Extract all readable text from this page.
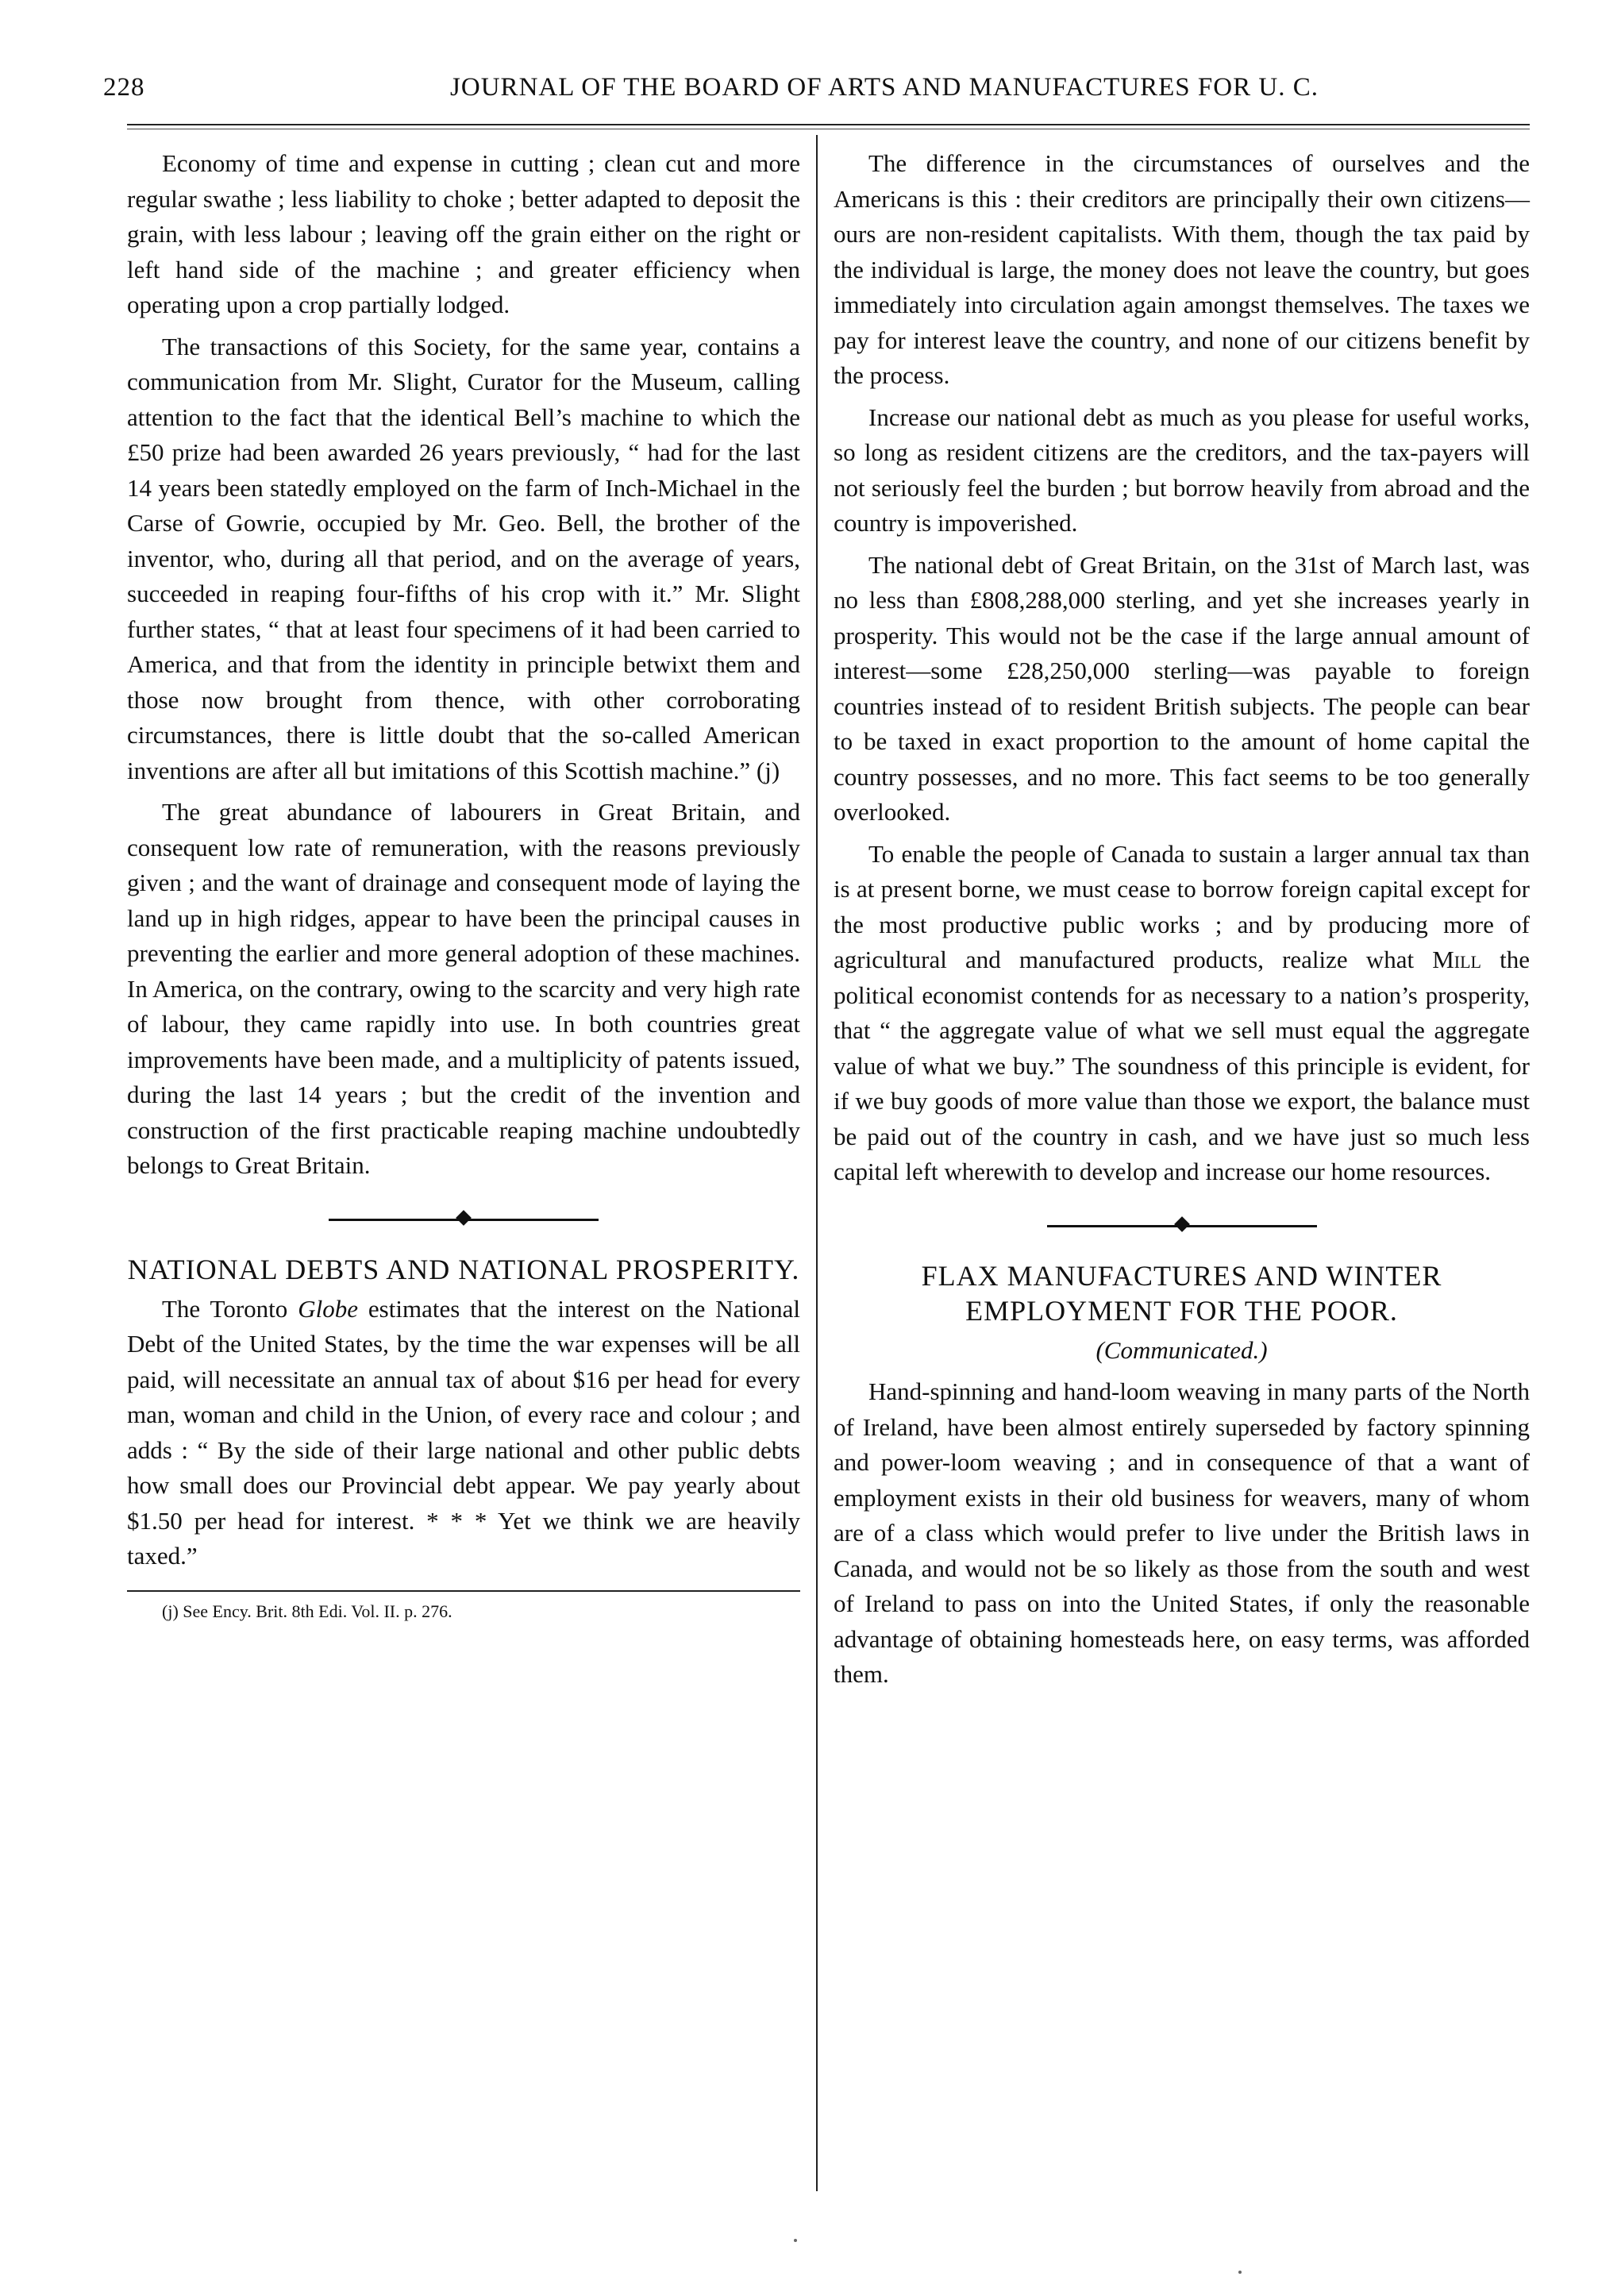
228	JOURNAL OF THE BOARD OF ARTS AND MANUFACTURES FOR U. C.

Economy of time and expense in cutting ; clean cut and more regular swathe ; less liability to choke ; better adapted to deposit the grain, with less labour ; leaving off the grain either on the right or left hand side of the machine ; and greater efficiency when operating upon a crop partially lodged.

The transactions of this Society, for the same year, contains a communication from Mr. Slight, Curator for the Museum, calling attention to the fact that the identical Bell’s machine to which the £50 prize had been awarded 26 years previously, “ had for the last 14 years been statedly employed on the farm of Inch-Michael in the Carse of Gowrie, occupied by Mr. Geo. Bell, the brother of the inventor, who, during all that period, and on the average of years, succeeded in reaping four-fifths of his crop with it.” Mr. Slight further states, “ that at least four specimens of it had been carried to America, and that from the identity in principle betwixt them and those now brought from thence, with other corroborating circumstances, there is little doubt that the so-called American inventions are after all but imitations of this Scottish machine.” (j)

The great abundance of labourers in Great Britain, and consequent low rate of remuneration, with the reasons previously given ; and the want of drainage and consequent mode of laying the land up in high ridges, appear to have been the principal causes in preventing the earlier and more general adoption of these machines. In America, on the contrary, owing to the scarcity and very high rate of labour, they came rapidly into use. In both countries great improvements have been made, and a multiplicity of patents issued, during the last 14 years ; but the credit of the invention and construction of the first practicable reaping machine undoubtedly belongs to Great Britain.

NATIONAL DEBTS AND NATIONAL PROSPERITY.

The Toronto Globe estimates that the interest on the National Debt of the United States, by the time the war expenses will be all paid, will necessitate an annual tax of about $16 per head for every man, woman and child in the Union, of every race and colour ; and adds : “ By the side of their large national and other public debts how small does our Provincial debt appear. We pay yearly about $1.50 per head for interest. * * * Yet we think we are heavily taxed.”

(j) See Ency. Brit. 8th Edi. Vol. II. p. 276.

The difference in the circumstances of ourselves and the Americans is this : their creditors are principally their own citizens—ours are non-resident capitalists. With them, though the tax paid by the individual is large, the money does not leave the country, but goes immediately into circulation again amongst themselves. The taxes we pay for interest leave the country, and none of our citizens benefit by the process.

Increase our national debt as much as you please for useful works, so long as resident citizens are the creditors, and the tax-payers will not seriously feel the burden ; but borrow heavily from abroad and the country is impoverished.

The national debt of Great Britain, on the 31st of March last, was no less than £808,288,000 sterling, and yet she increases yearly in prosperity. This would not be the case if the large annual amount of interest—some £28,250,000 sterling—was payable to foreign countries instead of to resident British subjects. The people can bear to be taxed in exact proportion to the amount of home capital the country possesses, and no more. This fact seems to be too generally overlooked.

To enable the people of Canada to sustain a larger annual tax than is at present borne, we must cease to borrow foreign capital except for the most productive public works ; and by producing more of agricultural and manufactured products, realize what Mill the political economist contends for as necessary to a nation’s prosperity, that “ the aggregate value of what we sell must equal the aggregate value of what we buy.” The soundness of this principle is evident, for if we buy goods of more value than those we export, the balance must be paid out of the country in cash, and we have just so much less capital left wherewith to develop and increase our home resources.

FLAX MANUFACTURES AND WINTER EMPLOYMENT FOR THE POOR.

(Communicated.)

Hand-spinning and hand-loom weaving in many parts of the North of Ireland, have been almost entirely superseded by factory spinning and power-loom weaving ; and in consequence of that a want of employment exists in their old business for weavers, many of whom are of a class which would prefer to live under the British laws in Canada, and would not be so likely as those from the south and west of Ireland to pass on into the United States, if only the reasonable advantage of obtaining homesteads here, on easy terms, was afforded them.
